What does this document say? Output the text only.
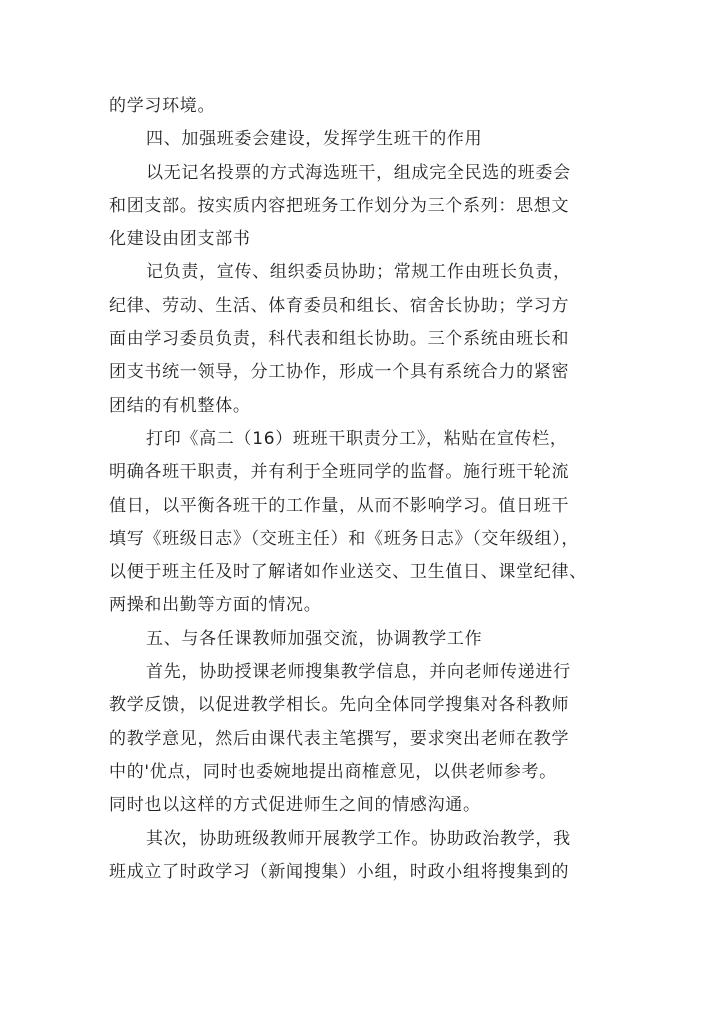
的学习环境。
四、加强班委会建设，发挥学生班干的作用
以无记名投票的方式海选班干，组成完全民选的班委会
和团支部。按实质内容把班务工作划分为三个系列：思想文
化建设由团支部书
记负责，宣传、组织委员协助；常规工作由班长负责，
纪律、劳动、生活、体育委员和组长、宿舍长协助；学习方
面由学习委员负责，科代表和组长协助。三个系统由班长和
团支书统一领导，分工协作，形成一个具有系统合力的紧密
团结的有机整体。
打印《高二（16）班班干职责分工》，粘贴在宣传栏，
明确各班干职责，并有利于全班同学的监督。施行班干轮流
值日，以平衡各班干的工作量，从而不影响学习。值日班干
填写《班级日志》（交班主任）和《班务日志》（交年级组），
以便于班主任及时了解诸如作业送交、卫生值日、课堂纪律、
两操和出勤等方面的情况。
五、与各任课教师加强交流，协调教学工作
首先，协助授课老师搜集教学信息，并向老师传递进行
教学反馈，以促进教学相长。先向全体同学搜集对各科教师
的教学意见，然后由课代表主笔撰写，要求突出老师在教学
中的'优点，同时也委婉地提出商榷意见，以供老师参考。
同时也以这样的方式促进师生之间的情感沟通。
其次，协助班级教师开展教学工作。协助政治教学，我
班成立了时政学习（新闻搜集）小组，时政小组将搜集到的
